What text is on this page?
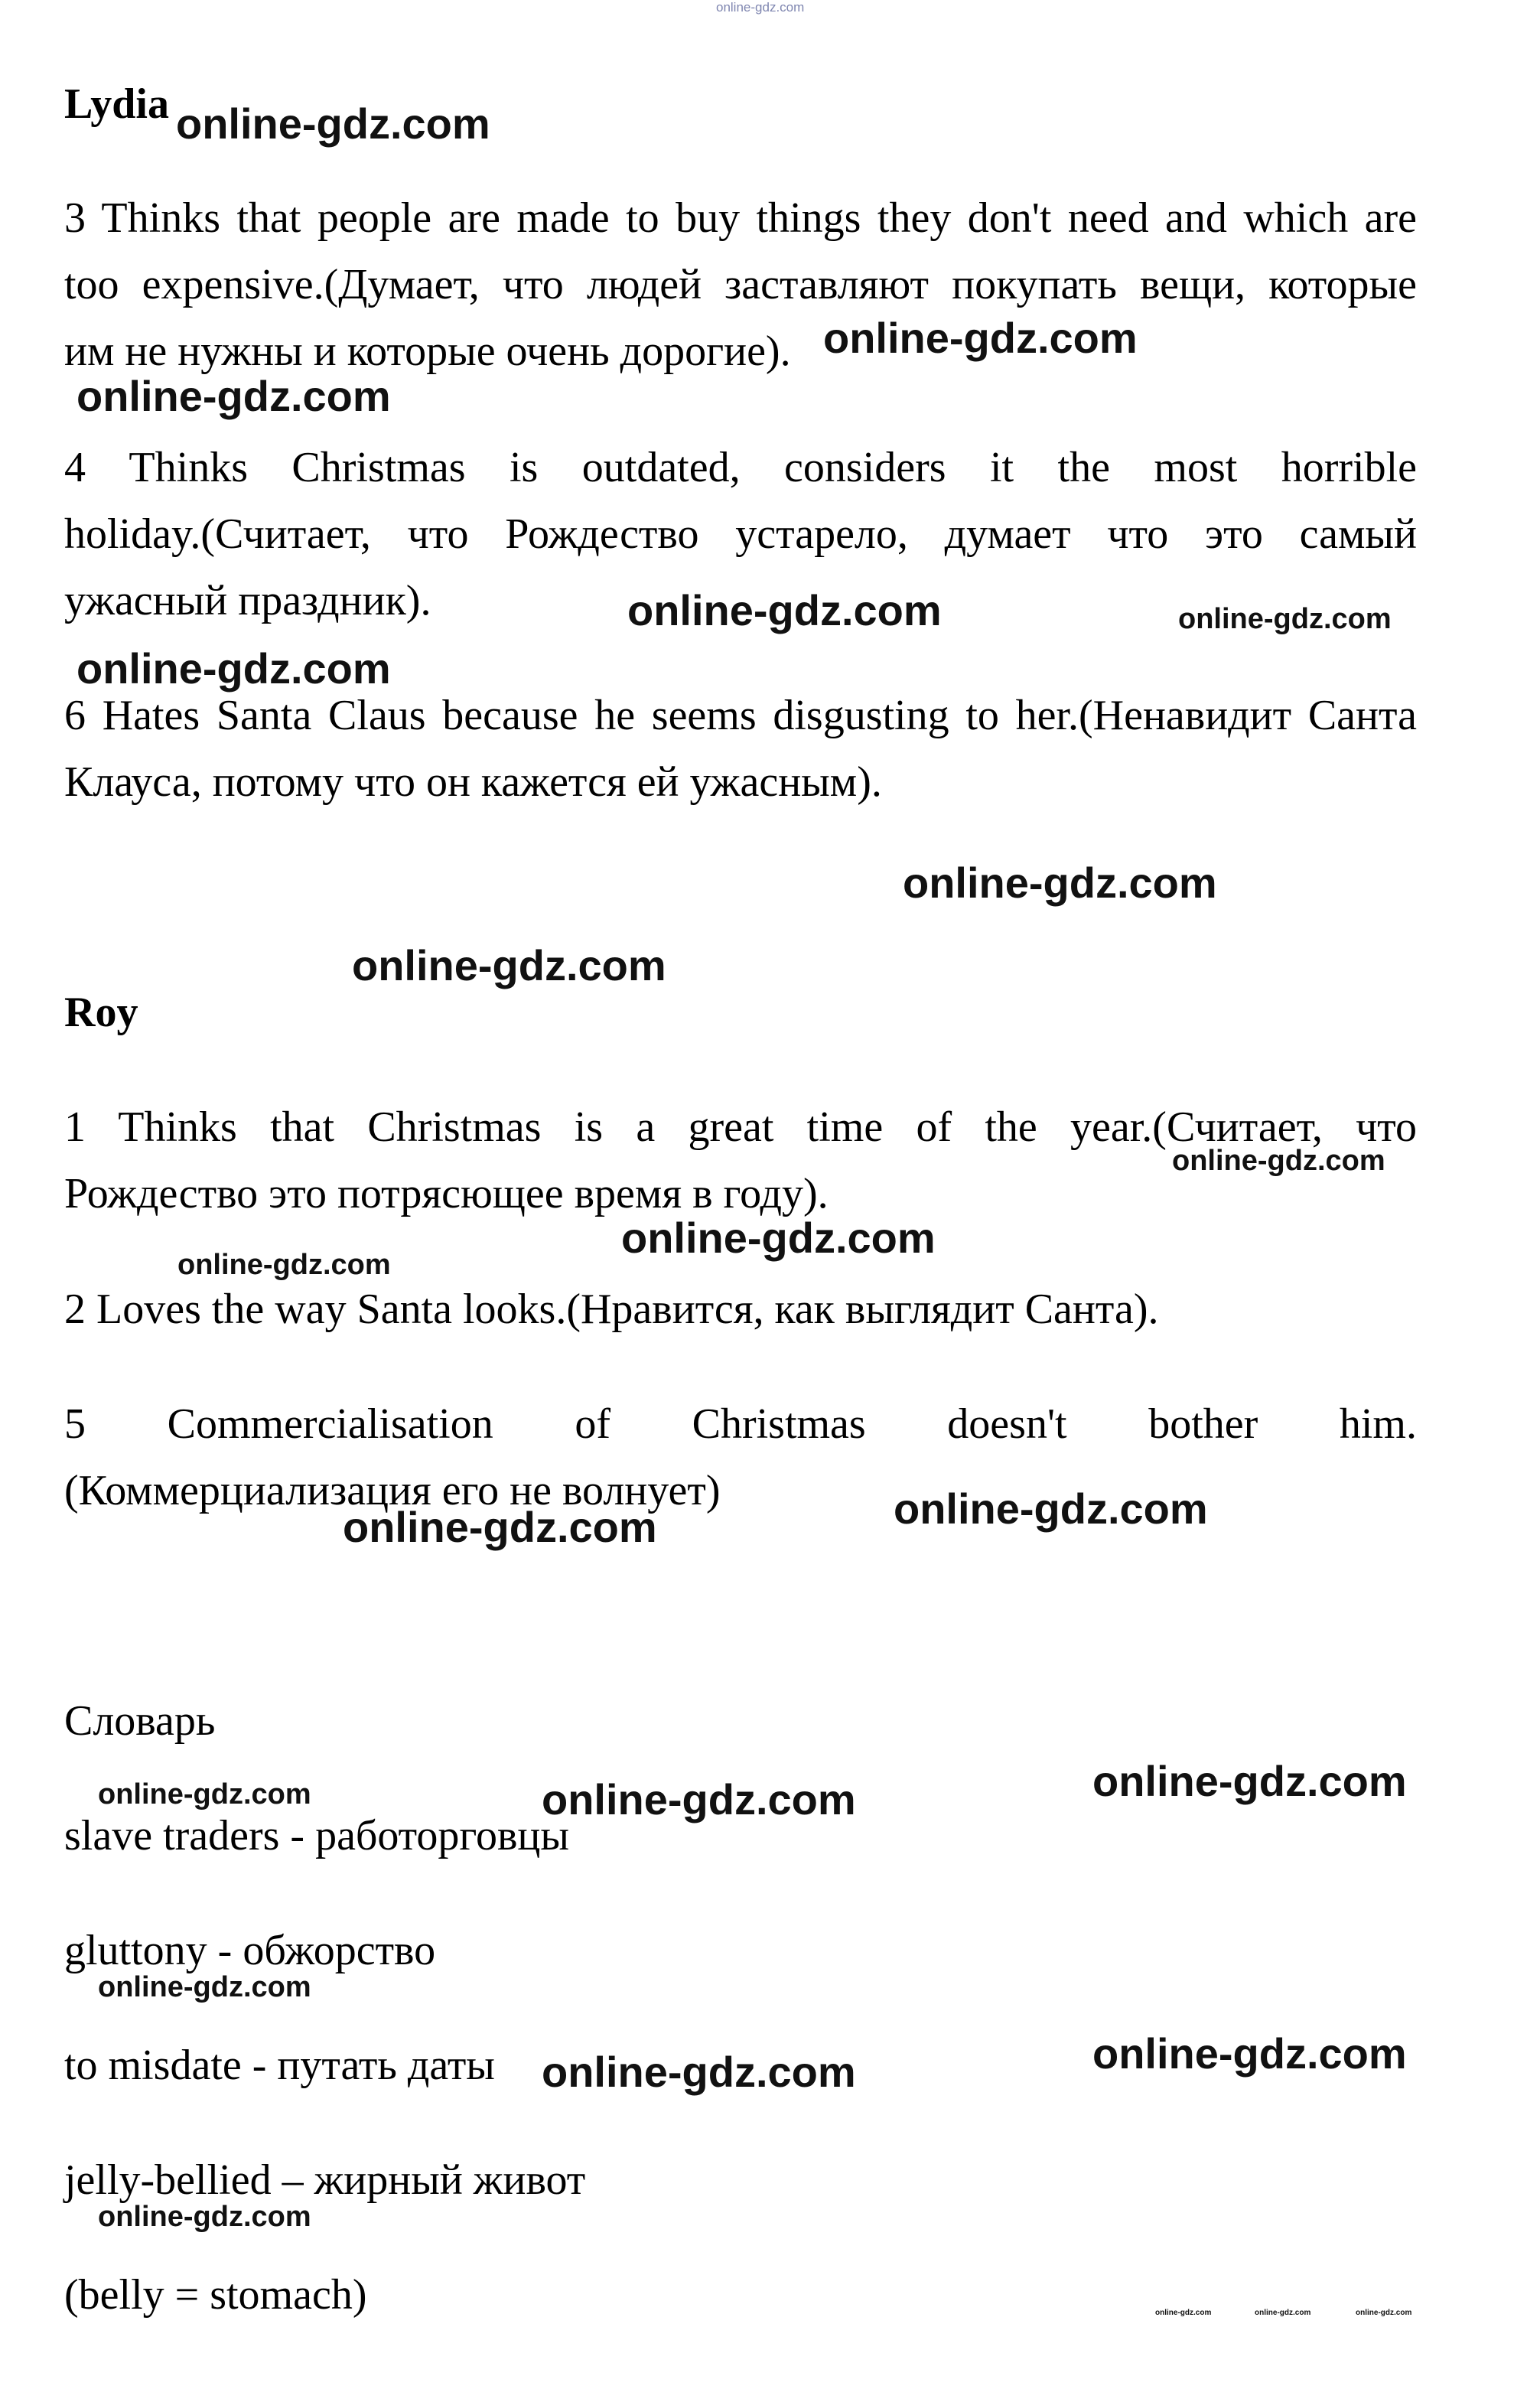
Lydia
3 Thinks that people are made to buy things they don't need and which are
too expensive.(Думает, что людей заставляют покупать вещи, которые
им не нужны и которые очень дорогие).
4 Thinks Christmas is outdated, considers it the most horrible
holiday.(Считает, что Рождество устарело, думает что это самый
ужасный праздник).
6 Hates Santa Claus because he seems disgusting to her.(Ненавидит Санта
Клауса, потому что он кажется ей ужасным).
Roy
1 Thinks that Christmas is a great time of the year.(Считает, что
Рождество это потрясющее время в году).
2 Loves the way Santa looks.(Нравится, как выглядит Санта).
5 Commercialisation of Christmas doesn't bother him.
(Коммерциализация его не волнует)
Словарь
slave traders - работорговцы
gluttony - обжорство
to misdate - путать даты
jelly-bellied – жирный живот
(belly = stomach)
online-gdz.com
online-gdz.com
online-gdz.com
online-gdz.com
online-gdz.com	online-gdz.com
online-gdz.com
online-gdz.com
online-gdz.com
online-gdz.com
online-gdz.com
online-gdz.com
online-gdz.com
online-gdz.com
online-gdz.com	online-gdz.com	online-gdz.com
online-gdz.com
online-gdz.com	online-gdz.com
online-gdz.com
online-gdz.com	online-gdz.com	online-gdz.com
